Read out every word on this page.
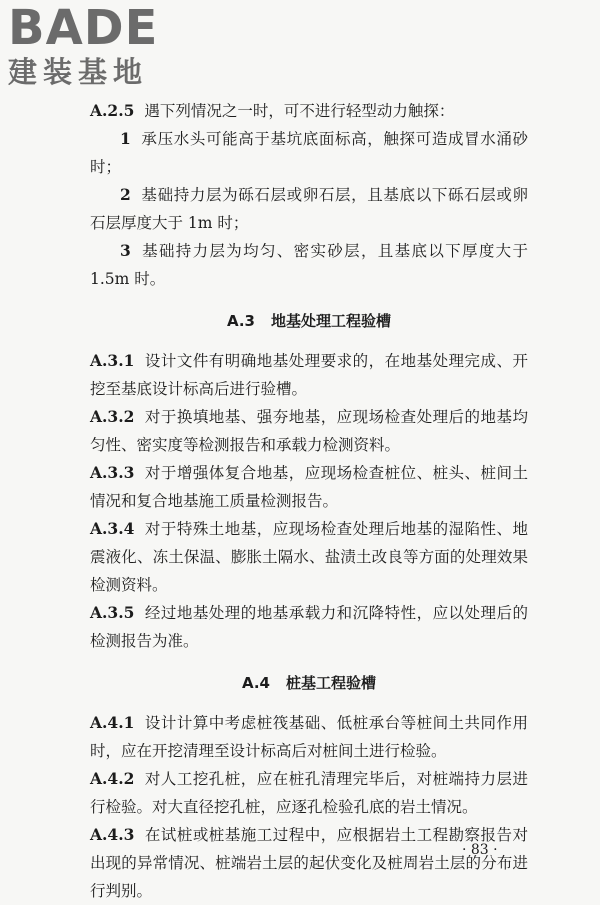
BADE
建装基地

A.2.5 遇下列情况之一时，可不进行轻型动力触探：

1 承压水头可能高于基坑底面标高，触探可造成冒水涌砂时；

2 基础持力层为砾石层或卵石层，且基底以下砾石层或卵石层厚度大于 1m 时；

3 基础持力层为均匀、密实砂层，且基底以下厚度大于 1.5m 时。

A.3 地基处理工程验槽

A.3.1 设计文件有明确地基处理要求的，在地基处理完成、开挖至基底设计标高后进行验槽。

A.3.2 对于换填地基、强夯地基，应现场检查处理后的地基均匀性、密实度等检测报告和承载力检测资料。

A.3.3 对于增强体复合地基，应现场检查桩位、桩头、桩间土情况和复合地基施工质量检测报告。

A.3.4 对于特殊土地基，应现场检查处理后地基的湿陷性、地震液化、冻土保温、膨胀土隔水、盐渍土改良等方面的处理效果检测资料。

A.3.5 经过地基处理的地基承载力和沉降特性，应以处理后的检测报告为准。

A.4 桩基工程验槽

A.4.1 设计计算中考虑桩筏基础、低桩承台等桩间土共同作用时，应在开挖清理至设计标高后对桩间土进行检验。

A.4.2 对人工挖孔桩，应在桩孔清理完毕后，对桩端持力层进行检验。对大直径挖孔桩，应逐孔检验孔底的岩土情况。

A.4.3 在试桩或桩基施工过程中，应根据岩土工程勘察报告对出现的异常情况、桩端岩土层的起伏变化及桩周岩土层的分布进行判别。

· 83 ·
